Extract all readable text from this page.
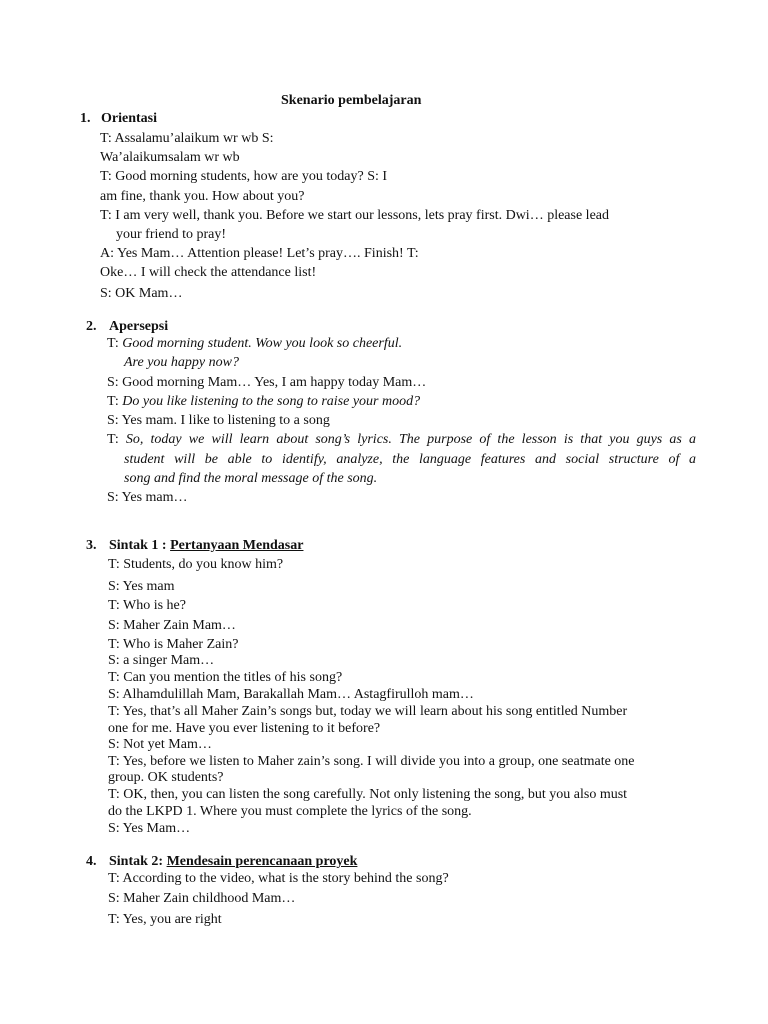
Skenario pembelajaran
1. Orientasi
T: Assalamu’alaikum wr wb S:
Wa’alaikumsalam wr wb
T: Good morning students, how are you today? S: I
am fine, thank you. How about you?
T: I am very well, thank you. Before we start our lessons, lets pray first. Dwi… please lead
your friend to pray!
A: Yes Mam… Attention please! Let’s pray…. Finish! T:
Oke… I will check the attendance list!
S: OK Mam…
2. Apersepsi
T: Good morning student. Wow you look so cheerful.
Are you happy now?
S: Good morning Mam… Yes, I am happy today Mam…
T: Do you like listening to the song to raise your mood?
S: Yes mam. I like to listening to a song
T: So, today we will learn about song’s lyrics. The purpose of the lesson is that you guys as a
student will be able to identify, analyze, the language features and social structure of a
song and find the moral message of the song.
S: Yes mam…
3. Sintak 1 : Pertanyaan Mendasar
T: Students, do you know him?
S: Yes mam
T: Who is he?
S: Maher Zain Mam…
T: Who is Maher Zain?
S: a singer Mam…
T: Can you mention the titles of his song?
S: Alhamdulillah Mam, Barakallah Mam… Astagfirulloh mam…
T: Yes, that’s all Maher Zain’s songs but, today we will learn about his song entitled Number
one for me. Have you ever listening to it before?
S: Not yet Mam…
T: Yes, before we listen to Maher zain’s song. I will divide you into a group, one seatmate one
group. OK students?
T: OK, then, you can listen the song carefully. Not only listening the song, but you also must
do the LKPD 1. Where you must complete the lyrics of the song.
S: Yes Mam…
4. Sintak 2: Mendesain perencanaan proyek
T: According to the video, what is the story behind the song?
S: Maher Zain childhood Mam…
T: Yes, you are right
